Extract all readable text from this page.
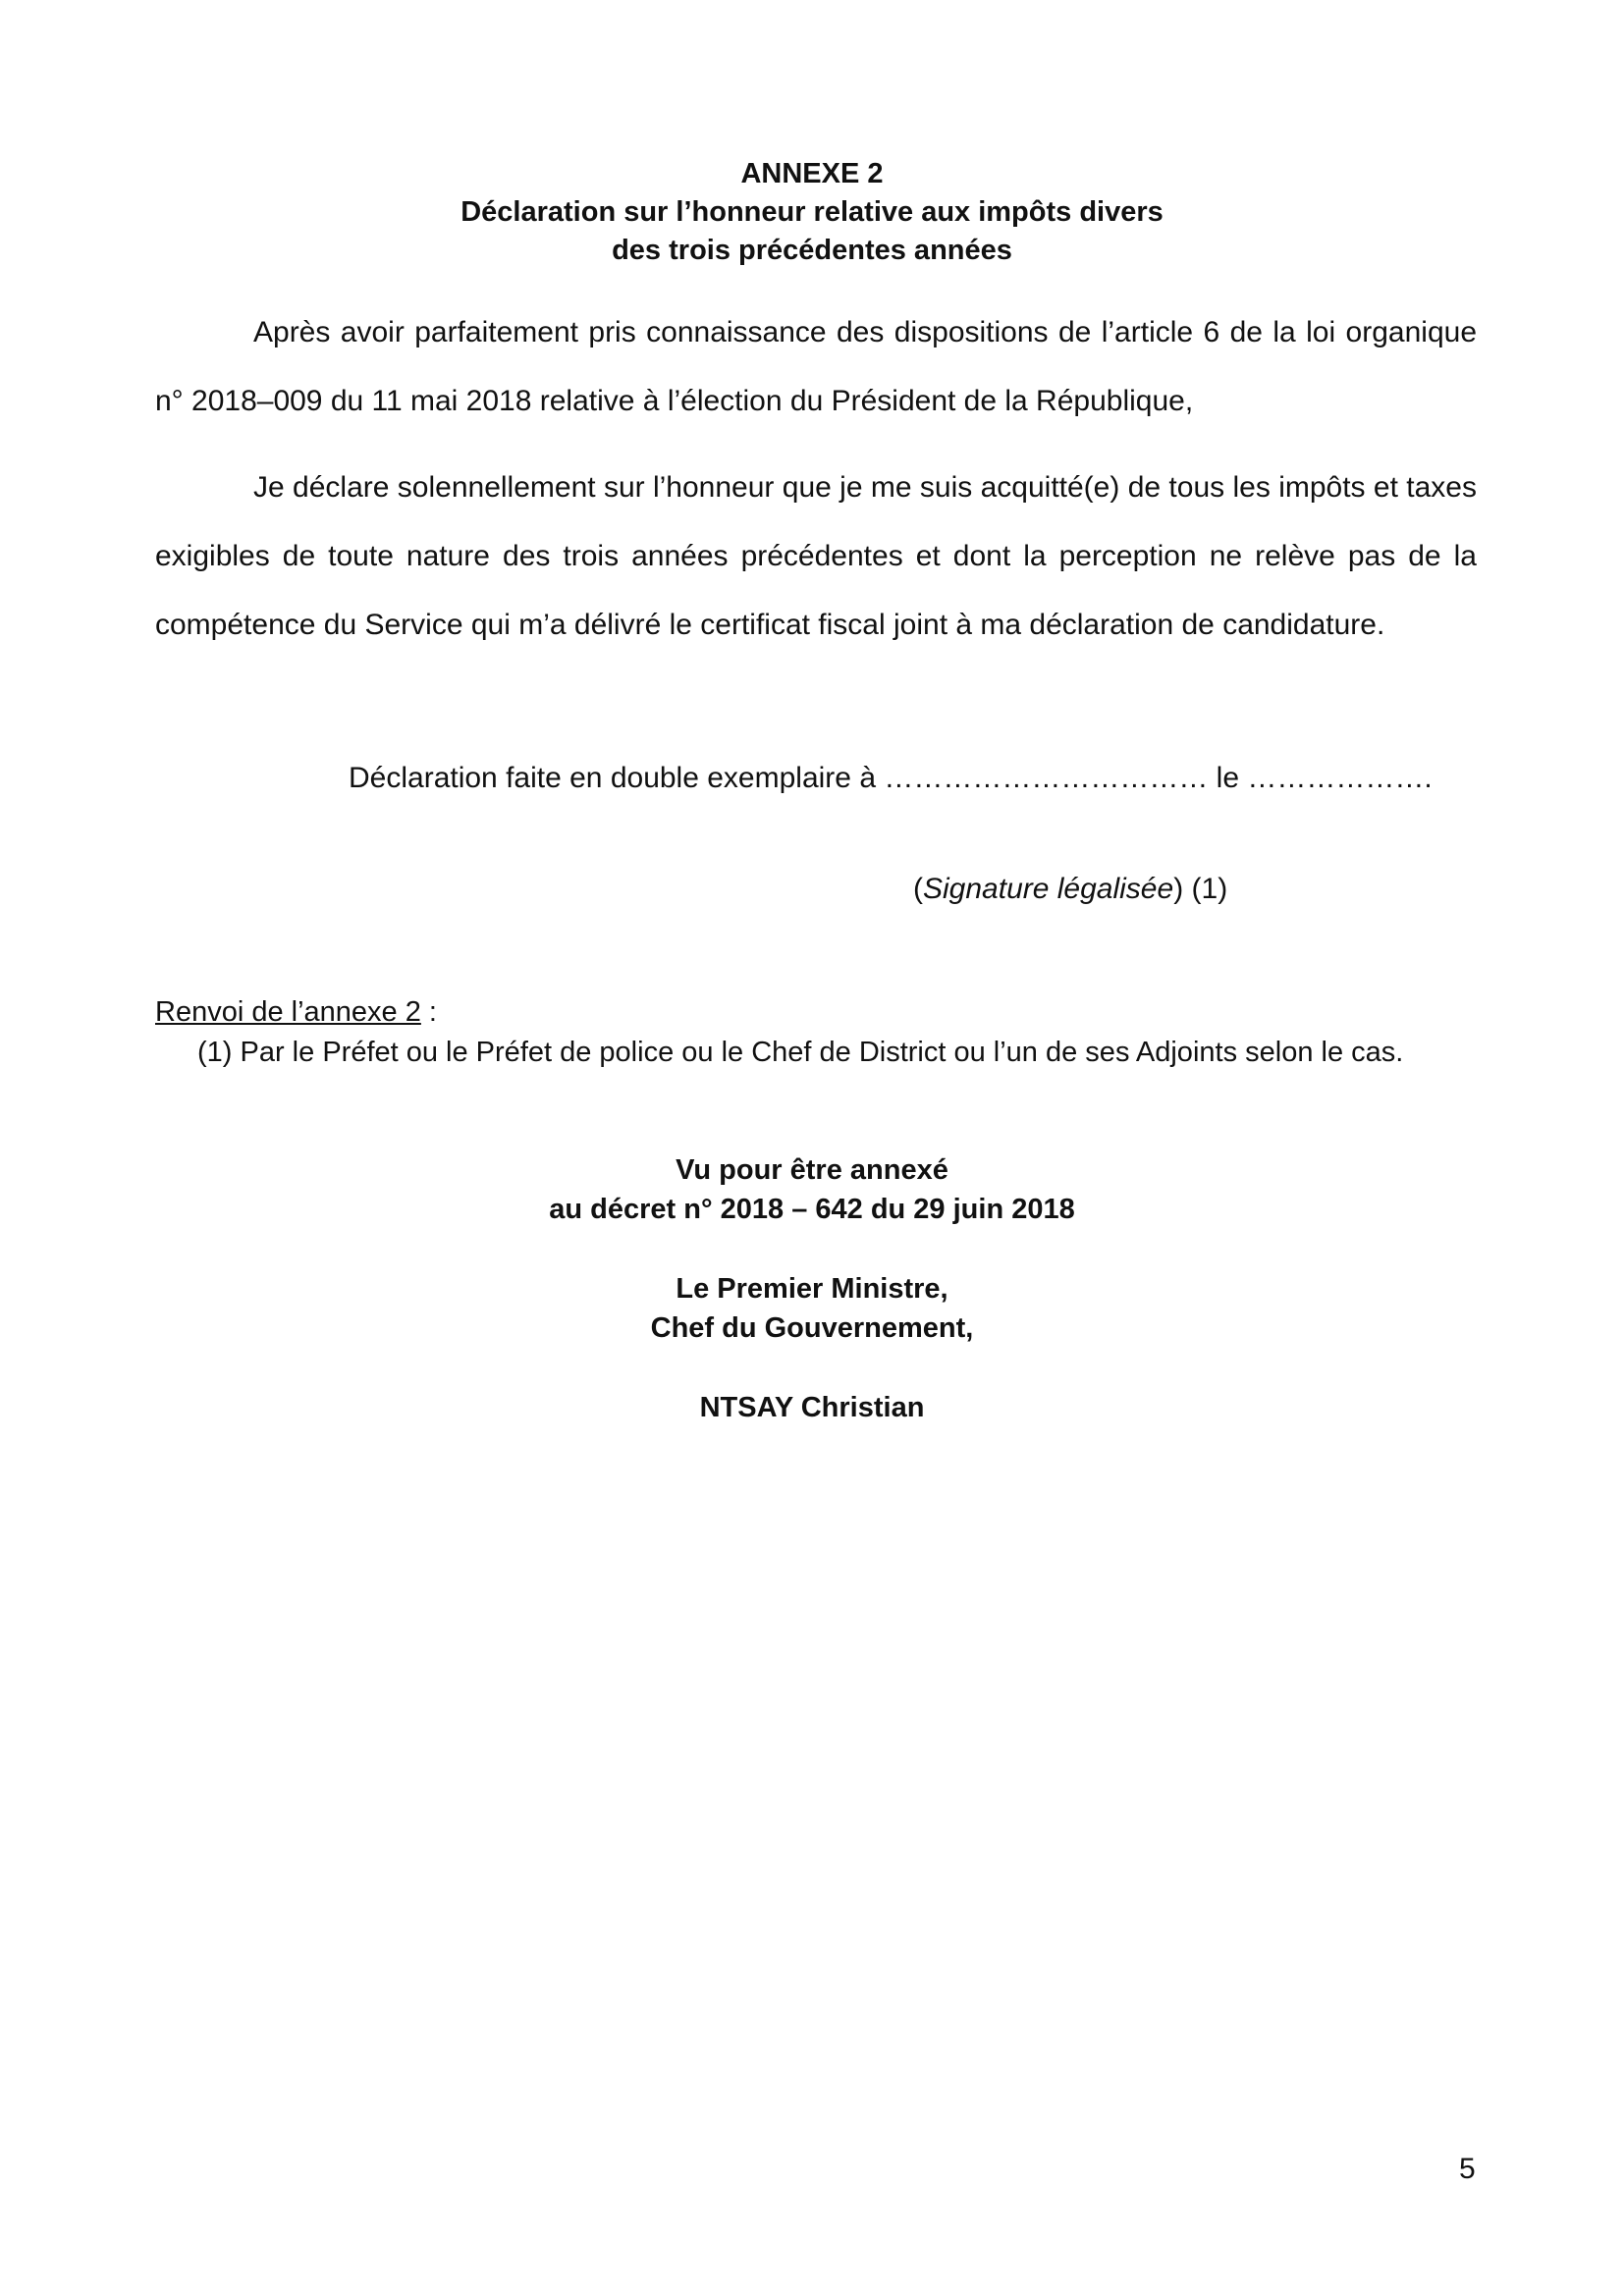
ANNEXE 2
Déclaration sur l’honneur relative aux impôts divers
des trois précédentes années
Après avoir parfaitement pris connaissance des dispositions de l’article 6 de la loi organique n° 2018–009 du 11 mai 2018 relative à l’élection du Président de la République,
Je déclare solennellement sur l’honneur que je me suis acquitté(e) de tous les impôts et taxes exigibles de toute nature des trois années précédentes et dont la perception ne relève pas de la compétence du Service qui m’a délivré le certificat fiscal joint à ma déclaration de candidature.
Déclaration faite en double exemplaire à …………………………… le ……………….
(Signature légalisée) (1)
Renvoi de l’annexe 2 :
(1) Par le Préfet ou le Préfet de police ou le Chef de District ou l’un de ses Adjoints selon le cas.
Vu pour être annexé
au décret n° 2018 – 642 du 29 juin 2018
Le Premier Ministre,
Chef du Gouvernement,
NTSAY Christian
5
